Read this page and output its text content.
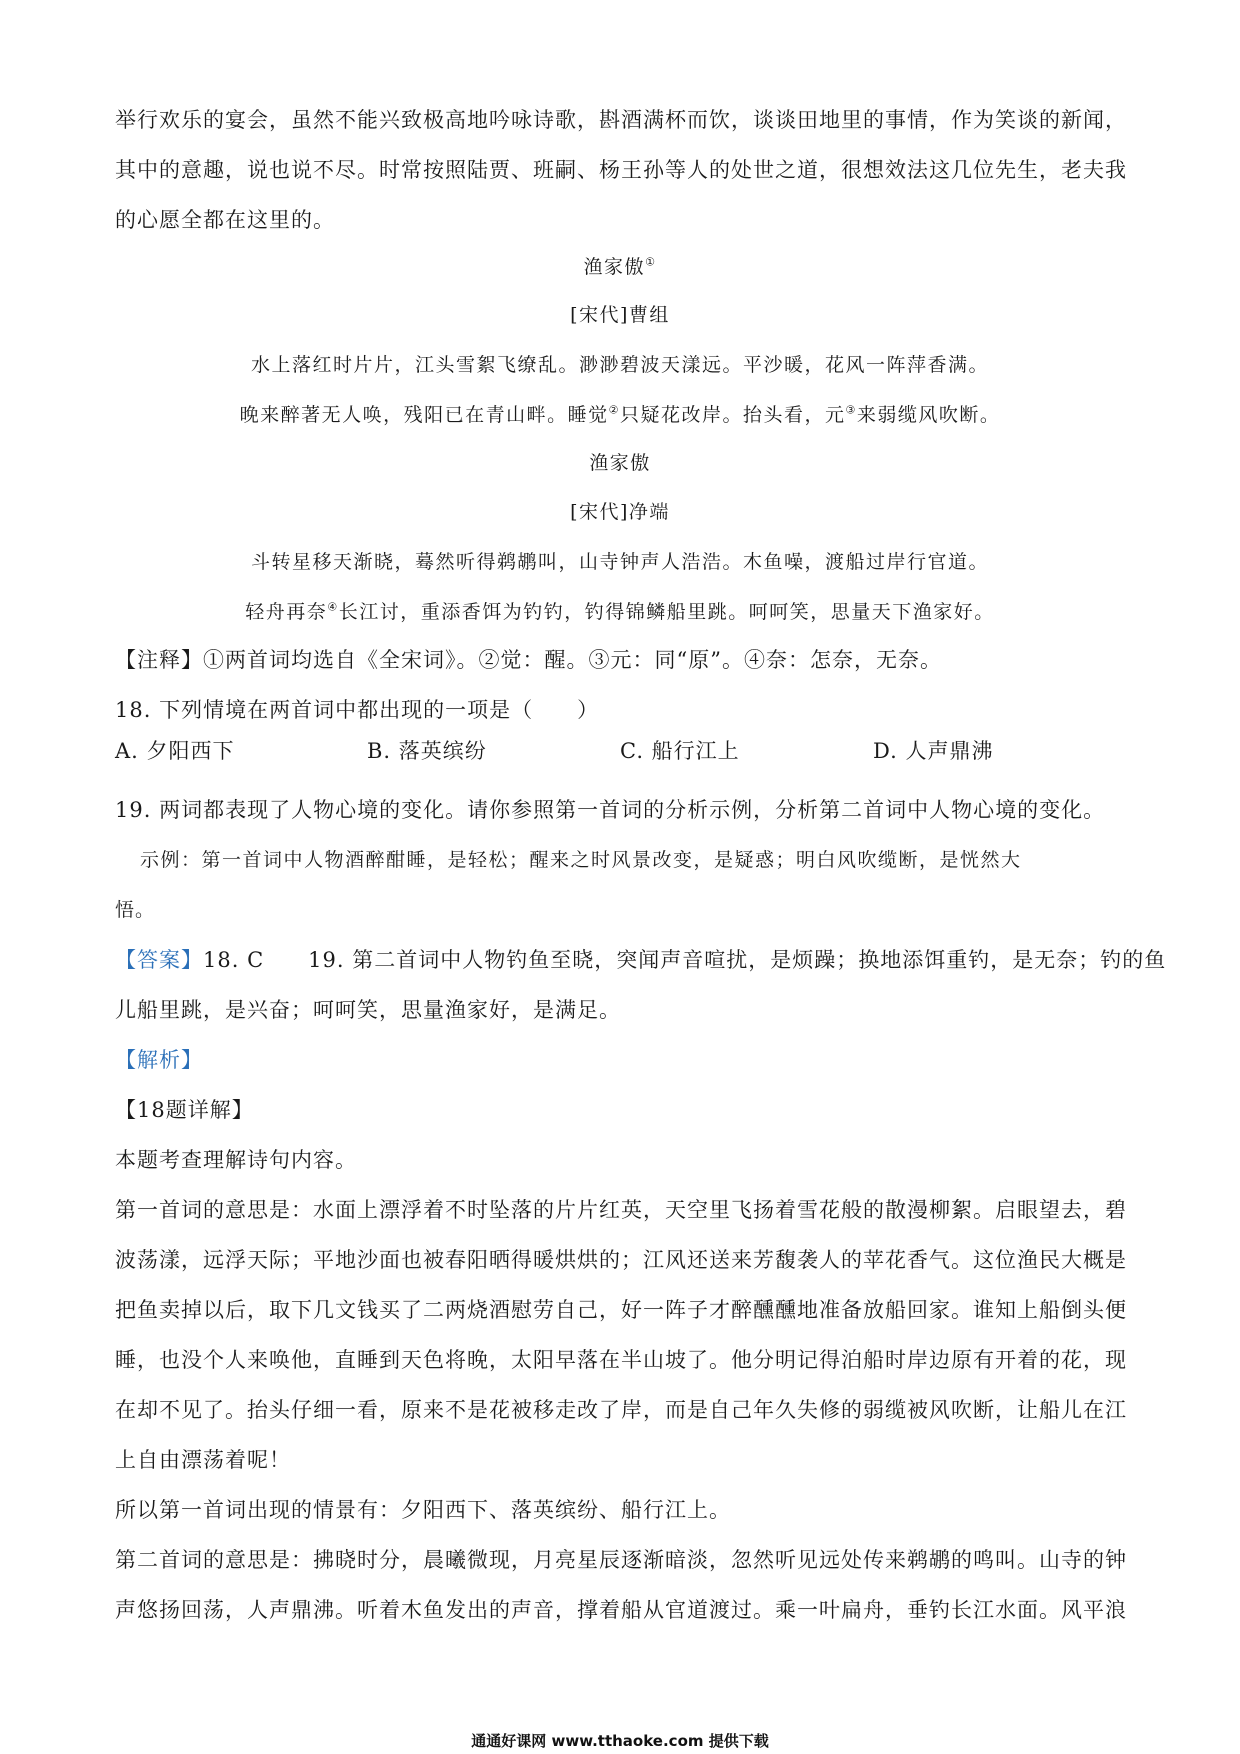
举行欢乐的宴会，虽然不能兴致极高地吟咏诗歌，斟酒满杯而饮，谈谈田地里的事情，作为笑谈的新闻，
其中的意趣，说也说不尽。时常按照陆贾、班嗣、杨王孙等人的处世之道，很想效法这几位先生，老夫我
的心愿全都在这里的。
渔家傲①
[宋代]曹组
水上落红时片片，江头雪絮飞缭乱。渺渺碧波天漾远。平沙暖，花风一阵萍香满。
晚来醉著无人唤，残阳已在青山畔。睡觉②只疑花改岸。抬头看，元③来弱缆风吹断。
渔家傲
[宋代]净端
斗转星移天渐晓，蓦然听得鹈鹕叫，山寺钟声人浩浩。木鱼噪，渡船过岸行官道。
轻舟再奈④长江讨，重添香饵为钓钓，钓得锦鳞船里跳。呵呵笑，思量天下渔家好。
【注释】①两首词均选自《全宋词》。②觉：醒。③元：同“原”。④奈：怎奈，无奈。
18. 下列情境在两首词中都出现的一项是（　　）
A. 夕阳西下	B. 落英缤纷	C. 船行江上	D. 人声鼎沸
19. 两词都表现了人物心境的变化。请你参照第一首词的分析示例，分析第二首词中人物心境的变化。
示例：第一首词中人物酒醉酣睡，是轻松；醒来之时风景改变，是疑惑；明白风吹缆断，是恍然大
悟。
【答案】18. C　　19. 第二首词中人物钓鱼至晓，突闻声音喧扰，是烦躁；换地添饵重钓，是无奈；钓的鱼
儿船里跳，是兴奋；呵呵笑，思量渔家好，是满足。
【解析】
【18题详解】
本题考查理解诗句内容。
第一首词的意思是：水面上漂浮着不时坠落的片片红英，天空里飞扬着雪花般的散漫柳絮。启眼望去，碧
波荡漾，远浮天际；平地沙面也被春阳晒得暖烘烘的；江风还送来芳馥袭人的苹花香气。这位渔民大概是
把鱼卖掉以后，取下几文钱买了二两烧酒慰劳自己，好一阵子才醉醺醺地准备放船回家。谁知上船倒头便
睡，也没个人来唤他，直睡到天色将晚，太阳早落在半山坡了。他分明记得泊船时岸边原有开着的花，现
在却不见了。抬头仔细一看，原来不是花被移走改了岸，而是自己年久失修的弱缆被风吹断，让船儿在江
上自由漂荡着呢！
所以第一首词出现的情景有：夕阳西下、落英缤纷、船行江上。
第二首词的意思是：拂晓时分，晨曦微现，月亮星辰逐渐暗淡，忽然听见远处传来鹈鹕的鸣叫。山寺的钟
声悠扬回荡，人声鼎沸。听着木鱼发出的声音，撑着船从官道渡过。乘一叶扁舟，垂钓长江水面。风平浪
通通好课网 www.tthaoke.com 提供下载
